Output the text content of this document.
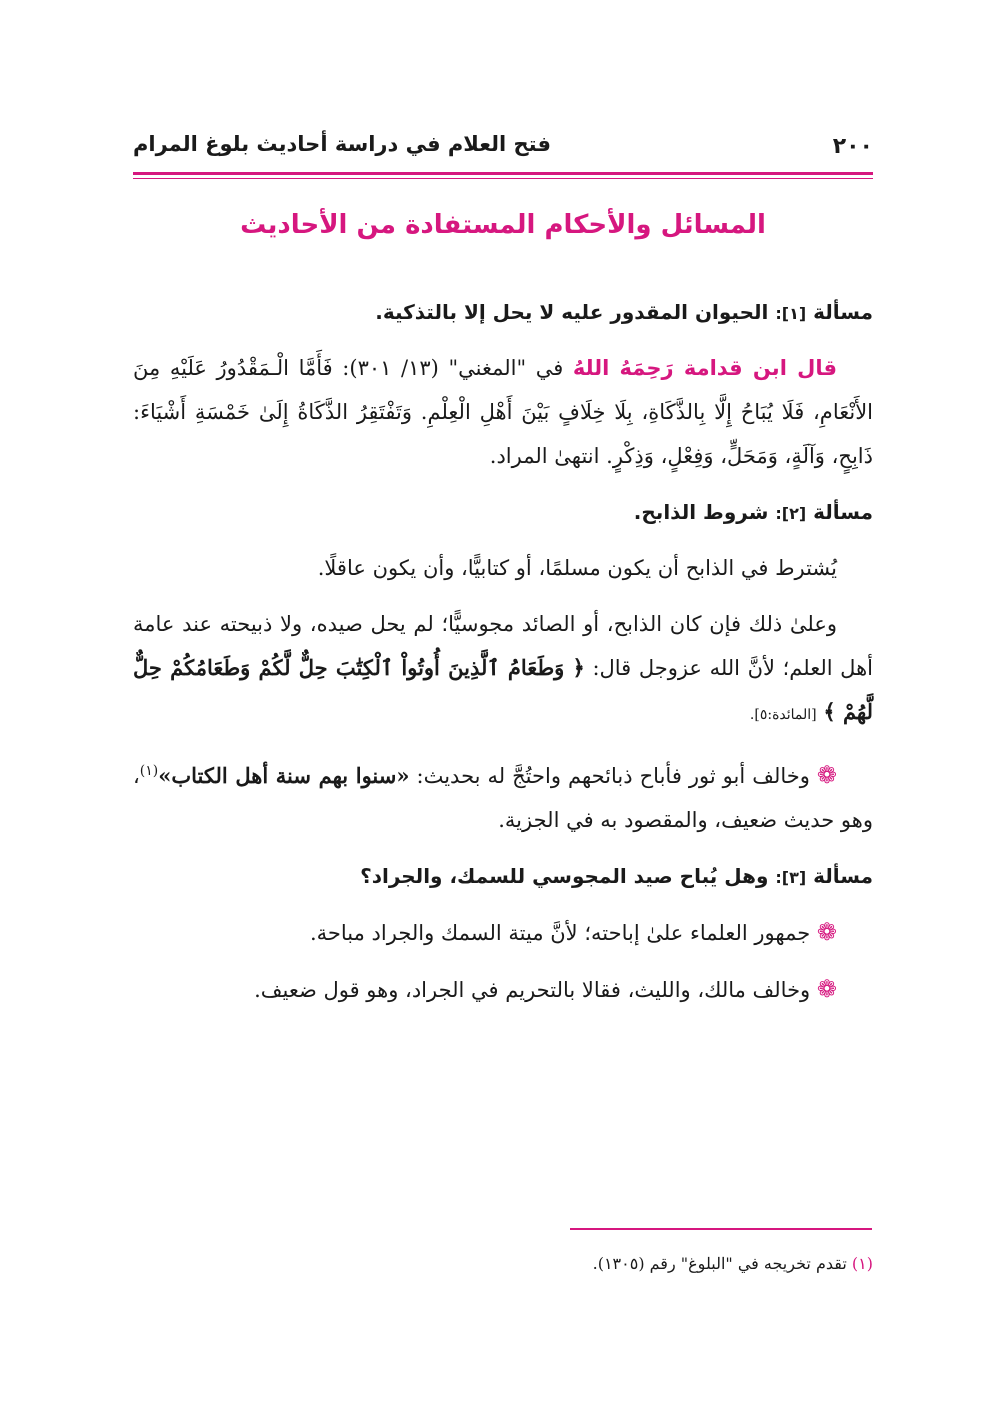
٢٠٠
فتح العلام في دراسة أحاديث بلوغ المرام
المسائل والأحكام المستفادة من الأحاديث
مسألة [١]: الحيوان المقدور عليه لا يحل إلا بالتذكية.

قال ابن قدامة رَحِمَهُ اللهُ في "المغني" (١٣/ ٣٠١): فَأَمَّا الْـمَقْدُورُ عَلَيْهِ مِنَ الأَنْعَامِ، فَلَا يُبَاحُ إِلَّا بِالذَّكَاةِ، بِلَا خِلَافٍ بَيْنَ أَهْلِ الْعِلْمِ. وَتَفْتَقِرُ الذَّكَاةُ إِلَىٰ خَمْسَةِ أَشْيَاءَ: ذَابِحٍ، وَآلَةٍ، وَمَحَلٍّ، وَفِعْلٍ، وَذِكْرٍ. انتهىٰ المراد.

مسألة [٢]: شروط الذابح.

يُشترط في الذابح أن يكون مسلمًا، أو كتابيًّا، وأن يكون عاقلًا.

وعلىٰ ذلك فإن كان الذابح، أو الصائد مجوسيًّا؛ لم يحل صيده، ولا ذبيحته عند عامة أهل العلم؛ لأنَّ الله عزوجل قال: ﴿ وَطَعَامُ ٱلَّذِينَ أُوتُواْ ٱلْكِتَٰبَ حِلٌّ لَّكُمْ وَطَعَامُكُمْ حِلٌّ لَّهُمْ ﴾ [المائدة:٥].

❁ وخالف أبو ثور فأباح ذبائحهم واحتُجَّ له بحديث: «سنوا بهم سنة أهل الكتاب»$^{(١)}$، وهو حديث ضعيف، والمقصود به في الجزية.

مسألة [٣]: وهل يُباح صيد المجوسي للسمك، والجراد؟

❁ جمهور العلماء علىٰ إباحته؛ لأنَّ ميتة السمك والجراد مباحة.

❁ وخالف مالك، والليث، فقالا بالتحريم في الجراد، وهو قول ضعيف.

(١) تقدم تخريجه في "البلوغ" رقم (١٣٠٥).
